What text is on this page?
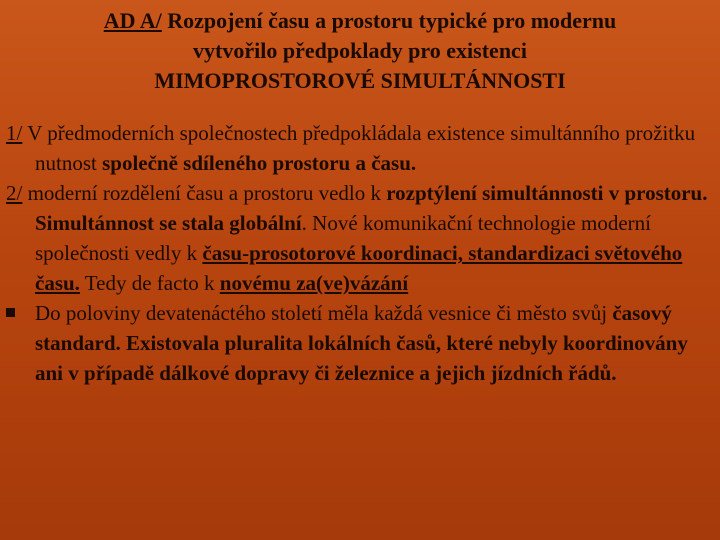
AD A/ Rozpojení času a prostoru typické pro modernu
vytvořilo předpoklady pro existenci
MIMOPROSTOROVÉ SIMULTÁNNOSTI

1/ V předmoderních společnostech předpokládala existence simultánního prožitku nutnost společně sdíleného prostoru a času.

2/ moderní rozdělení času a prostoru vedlo k rozptýlení simultánnosti v prostoru. Simultánnost se stala globální. Nové komunikační technologie moderní společnosti vedly k času-prosotorové koordinaci, standardizaci světového času. Tedy de facto k novému za(ve)vázání

Do poloviny devatenáctého století měla každá vesnice či město svůj časový standard. Existovala pluralita lokálních časů, které nebyly koordinovány ani v případě dálkové dopravy či železnice a jejich jízdních řádů.
